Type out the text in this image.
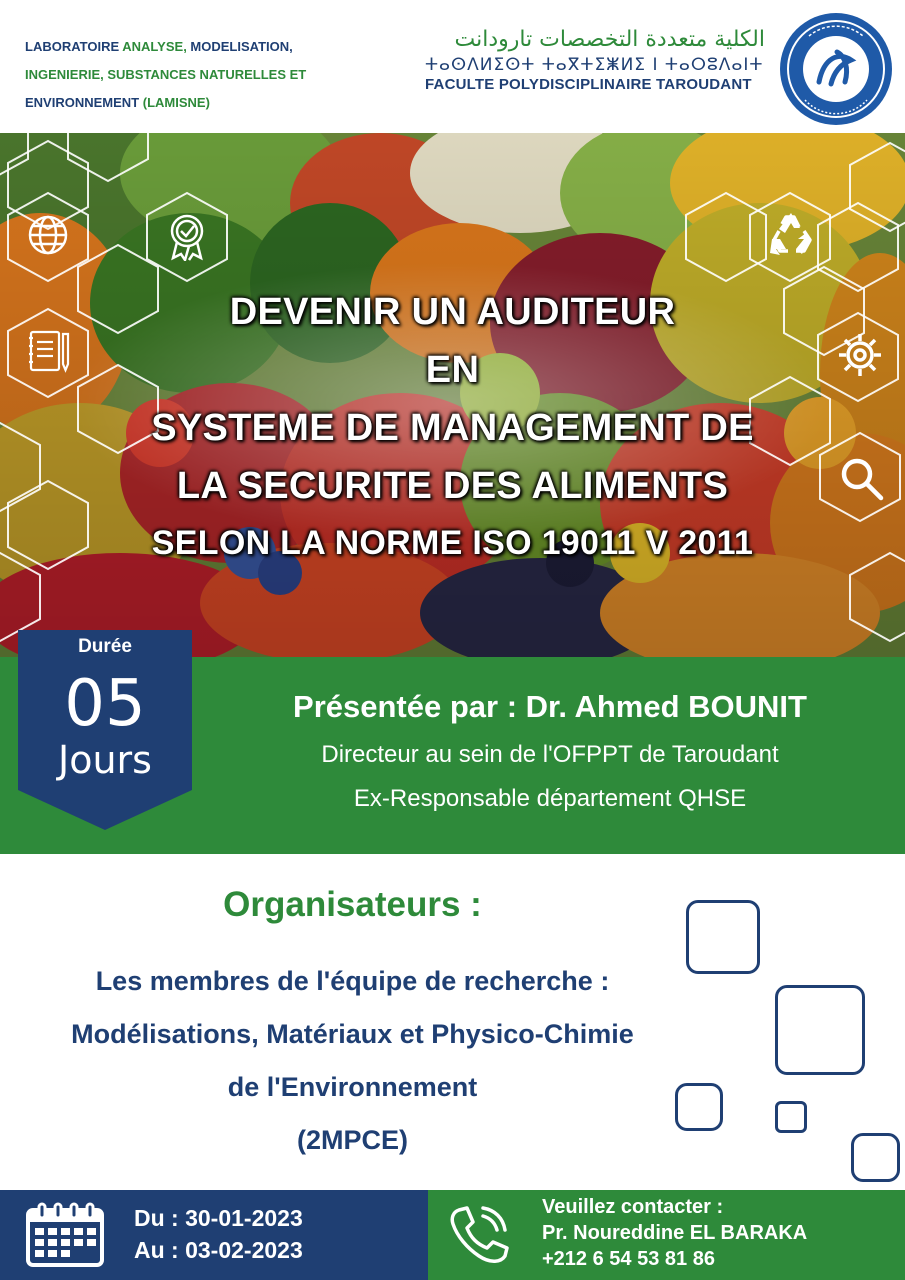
LABORATOIRE ANALYSE, MODELISATION,
INGENIERIE, SUBSTANCES NATURELLES ET
ENVIRONNEMENT (LAMISNE)
الكلية متعددة التخصصات تارودانت
ⵜⴰⵙⴷⵍⵉⵙⵜ ⵜⴰⴳⵜⵉⵥⵍⵉ ⵏ ⵜⴰⵔⵓⴷⴰⵏⵜ
FACULTE POLYDISCIPLINAIRE TAROUDANT
DEVENIR UN AUDITEUR
EN
SYSTEME DE MANAGEMENT DE
LA SECURITE DES ALIMENTS
SELON LA NORME ISO 19011 V 2011
Présentée par : Dr. Ahmed BOUNIT
Directeur au sein de l'OFPPT de Taroudant
Ex-Responsable département QHSE
Durée
05
Jours
Organisateurs :
Les membres de l'équipe de recherche :
Modélisations, Matériaux et Physico-Chimie
de l'Environnement
(2MPCE)
Du : 30-01-2023
Au : 03-02-2023
Veuillez contacter :
Pr. Noureddine EL BARAKA
+212 6 54 53 81 86
